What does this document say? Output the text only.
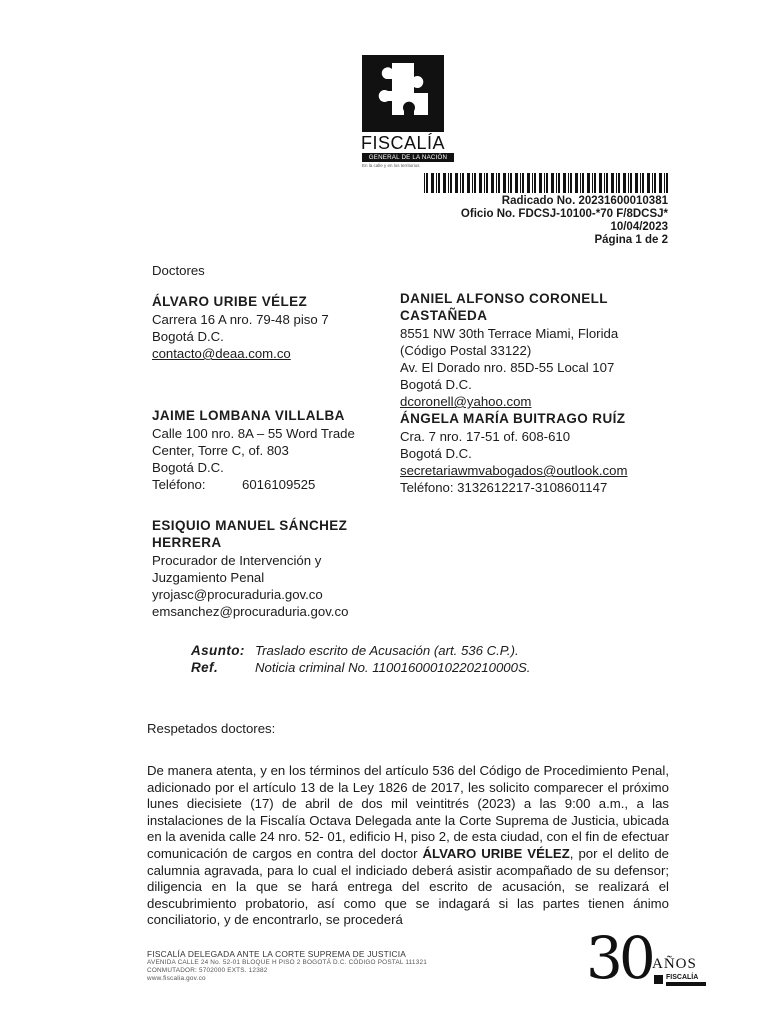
FISCALÍA
GENERAL DE LA NACIÓN
En la calle y en los territorios
Radicado No. 20231600010381
Oficio No. FDCSJ-10100-*70 F/8DCSJ*
10/04/2023
Página 1 de 2
Doctores
ÁLVARO URIBE VÉLEZ
Carrera 16 A nro. 79-48 piso 7
Bogotá D.C.
contacto@deaa.com.co
DANIEL ALFONSO CORONELL
CASTAÑEDA
8551 NW 30th Terrace Miami, Florida
(Código Postal 33122)
Av. El Dorado nro. 85D-55 Local 107
Bogotá D.C.
dcoronell@yahoo.com
JAIME LOMBANA VILLALBA
Calle 100 nro. 8A – 55 Word Trade
Center, Torre C, of. 803
Bogotá D.C.
Teléfono:	6016109525
ÁNGELA MARÍA BUITRAGO RUÍZ
Cra. 7 nro. 17-51 of. 608-610
Bogotá D.C.
secretariawmvabogados@outlook.com
Teléfono: 3132612217-3108601147
ESIQUIO MANUEL SÁNCHEZ
HERRERA
Procurador de Intervención y
Juzgamiento Penal
yrojasc@procuraduria.gov.co
emsanchez@procuraduria.gov.co
Asunto: Traslado escrito de Acusación (art. 536 C.P.).
Ref.	Noticia criminal No. 11001600010220210000S.
Respetados doctores:
De manera atenta, y en los términos del artículo 536 del Código de Procedimiento Penal, adicionado por el artículo 13 de la Ley 1826 de 2017, les solicito comparecer el próximo lunes diecisiete (17) de abril de dos mil veintitrés (2023) a las 9:00 a.m., a las instalaciones de la Fiscalía Octava Delegada ante la Corte Suprema de Justicia, ubicada en la avenida calle 24 nro. 52- 01, edificio H, piso 2, de esta ciudad, con el fin de efectuar comunicación de cargos en contra del doctor ÁLVARO URIBE VÉLEZ, por el delito de calumnia agravada, para lo cual el indiciado deberá asistir acompañado de su defensor; diligencia en la que se hará entrega del escrito de acusación, se realizará el descubrimiento probatorio, así como que se indagará si las partes tienen ánimo conciliatorio, y de encontrarlo, se procederá
FISCALÍA DELEGADA ANTE LA CORTE SUPREMA DE JUSTICIA
AVENIDA CALLE 24 No. 52-01 BLOQUE H PISO 2 BOGOTÁ D.C. CÓDIGO POSTAL 111321
CONMUTADOR: 5702000 EXTS. 12382
www.fiscalia.gov.co	30 AÑOS
FISCALÍA
